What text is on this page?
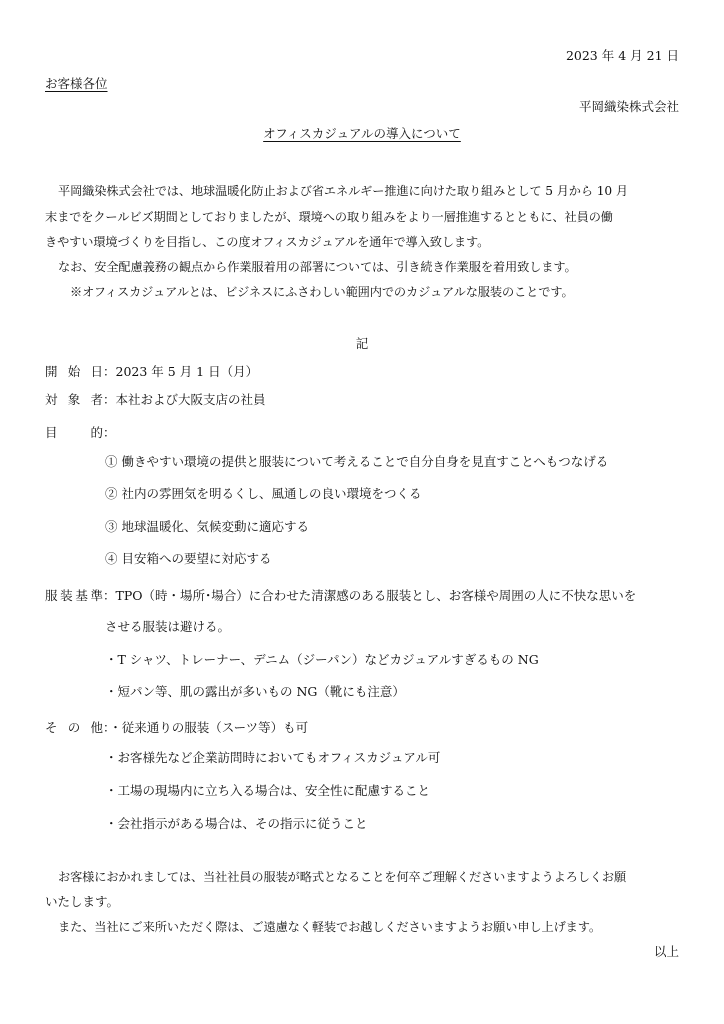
2023 年 4 月 21 日
お客様各位
平岡織染株式会社
オフィスカジュアルの導入について
平岡織染株式会社では、地球温暖化防止および省エネルギー推進に向けた取り組みとして 5 月から 10 月
末までをクールビズ期間としておりましたが、環境への取り組みをより一層推進するとともに、社員の働
きやすい環境づくりを目指し、この度オフィスカジュアルを通年で導入致します。
なお、安全配慮義務の観点から作業服着用の部署については、引き続き作業服を着用致します。
※オフィスカジュアルとは、ビジネスにふさわしい範囲内でのカジュアルな服装のことです。
記
開始日：2023 年 5 月 1 日（月）
対象者：本社および大阪支店の社員
目的：
① 働きやすい環境の提供と服装について考えることで自分自身を見直すことへもつなげる
② 社内の雰囲気を明るくし、風通しの良い環境をつくる
③ 地球温暖化、気候変動に適応する
④ 目安箱への要望に対応する
服装基準：TPO（時・場所･場合）に合わせた清潔感のある服装とし、お客様や周囲の人に不快な思いを
させる服装は避ける。
・T シャツ、トレーナー、デニム（ジーパン）などカジュアルすぎるもの NG
・短パン等、肌の露出が多いもの NG（靴にも注意）
その他：・従来通りの服装（スーツ等）も可
・お客様先など企業訪問時においてもオフィスカジュアル可
・工場の現場内に立ち入る場合は、安全性に配慮すること
・会社指示がある場合は、その指示に従うこと
お客様におかれましては、当社社員の服装が略式となることを何卒ご理解くださいますようよろしくお願
いたします。
また、当社にご来所いただく際は、ご遠慮なく軽装でお越しくださいますようお願い申し上げます。
以上
